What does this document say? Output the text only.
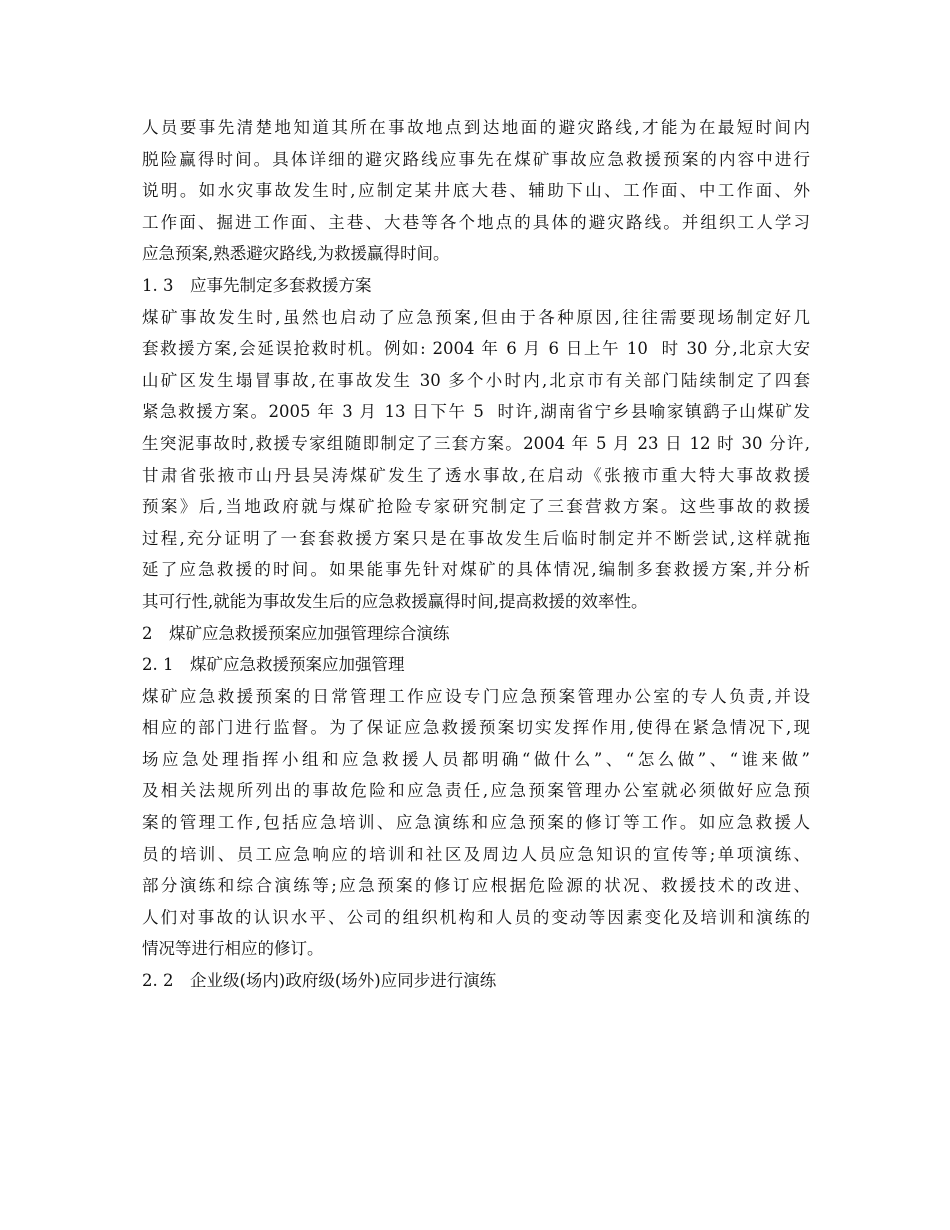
人员要事先清楚地知道其所在事故地点到达地面的避灾路线,才能为在最短时间内
脱险赢得时间。具体详细的避灾路线应事先在煤矿事故应急救援预案的内容中进行
说明。如水灾事故发生时,应制定某井底大巷、辅助下山、工作面、中工作面、外
工作面、掘进工作面、主巷、大巷等各个地点的具体的避灾路线。并组织工人学习
应急预案,熟悉避灾路线,为救援赢得时间。
1. 3　应事先制定多套救援方案
煤矿事故发生时,虽然也启动了应急预案,但由于各种原因,往往需要现场制定好几
套救援方案,会延误抢救时机。例如: 2004 年 6 月 6 日上午 10  时 30 分,北京大安
山矿区发生塌冒事故,在事故发生 30 多个小时内,北京市有关部门陆续制定了四套
紧急救援方案。2005 年 3 月 13 日下午 5  时许,湖南省宁乡县喻家镇鹞子山煤矿发
生突泥事故时,救援专家组随即制定了三套方案。2004 年 5 月 23 日 12 时 30 分许,
甘肃省张掖市山丹县吴涛煤矿发生了透水事故,在启动《张掖市重大特大事故救援
预案》后,当地政府就与煤矿抢险专家研究制定了三套营救方案。这些事故的救援
过程,充分证明了一套套救援方案只是在事故发生后临时制定并不断尝试,这样就拖
延了应急救援的时间。如果能事先针对煤矿的具体情况,编制多套救援方案,并分析
其可行性,就能为事故发生后的应急救援赢得时间,提高救援的效率性。
2　煤矿应急救援预案应加强管理综合演练
2. 1　煤矿应急救援预案应加强管理
煤矿应急救援预案的日常管理工作应设专门应急预案管理办公室的专人负责,并设
相应的部门进行监督。为了保证应急救援预案切实发挥作用,使得在紧急情况下,现
场应急处理指挥小组和应急救援人员都明确“做什么”、“怎么做”、“谁来做”
及相关法规所列出的事故危险和应急责任,应急预案管理办公室就必须做好应急预
案的管理工作,包括应急培训、应急演练和应急预案的修订等工作。如应急救援人
员的培训、员工应急响应的培训和社区及周边人员应急知识的宣传等;单项演练、
部分演练和综合演练等;应急预案的修订应根据危险源的状况、救援技术的改进、
人们对事故的认识水平、公司的组织机构和人员的变动等因素变化及培训和演练的
情况等进行相应的修订。
2. 2　企业级(场内)政府级(场外)应同步进行演练
